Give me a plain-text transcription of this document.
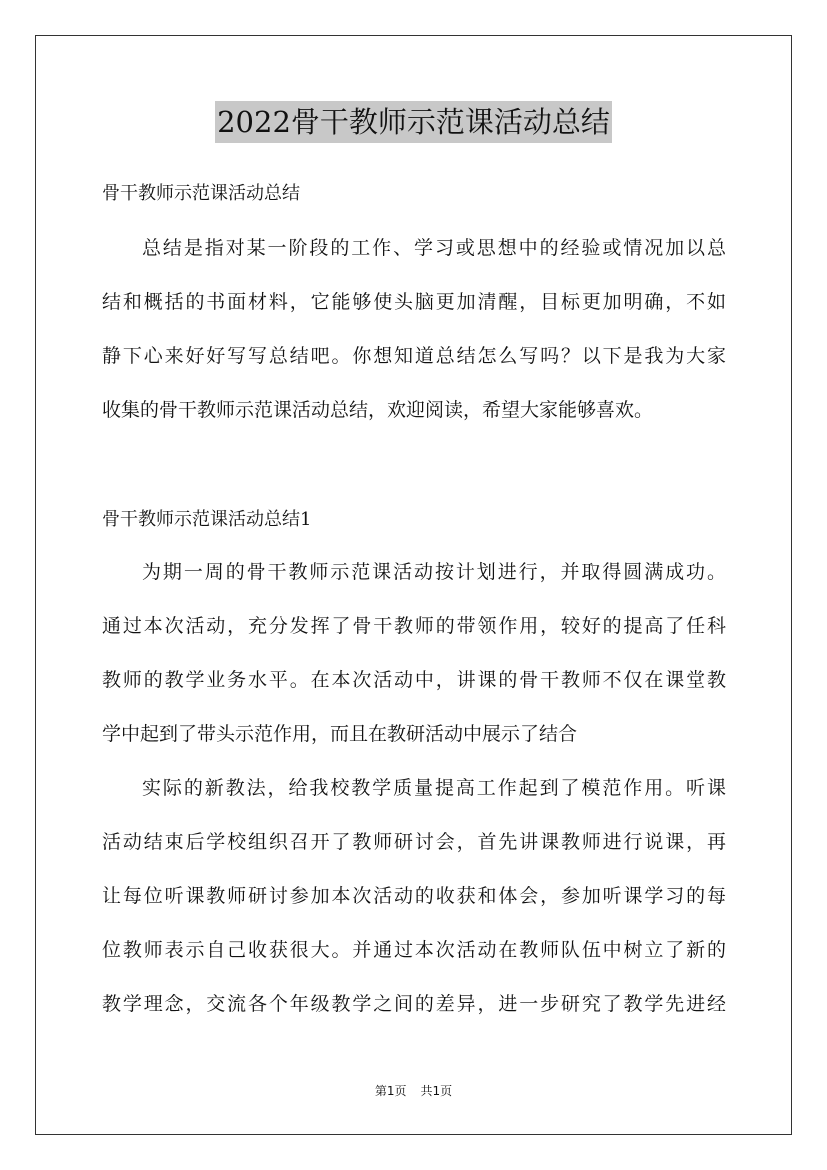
2022骨干教师示范课活动总结
骨干教师示范课活动总结
总结是指对某一阶段的工作、学习或思想中的经验或情况加以总
结和概括的书面材料，它能够使头脑更加清醒，目标更加明确，不如
静下心来好好写写总结吧。你想知道总结怎么写吗？以下是我为大家
收集的骨干教师示范课活动总结，欢迎阅读，希望大家能够喜欢。
骨干教师示范课活动总结1
为期一周的骨干教师示范课活动按计划进行，并取得圆满成功。
通过本次活动，充分发挥了骨干教师的带领作用，较好的提高了任科
教师的教学业务水平。在本次活动中，讲课的骨干教师不仅在课堂教
学中起到了带头示范作用，而且在教研活动中展示了结合
实际的新教法，给我校教学质量提高工作起到了模范作用。听课
活动结束后学校组织召开了教师研讨会，首先讲课教师进行说课，再
让每位听课教师研讨参加本次活动的收获和体会，参加听课学习的每
位教师表示自己收获很大。并通过本次活动在教师队伍中树立了新的
教学理念，交流各个年级教学之间的差异，进一步研究了教学先进经
第1页 共1页
